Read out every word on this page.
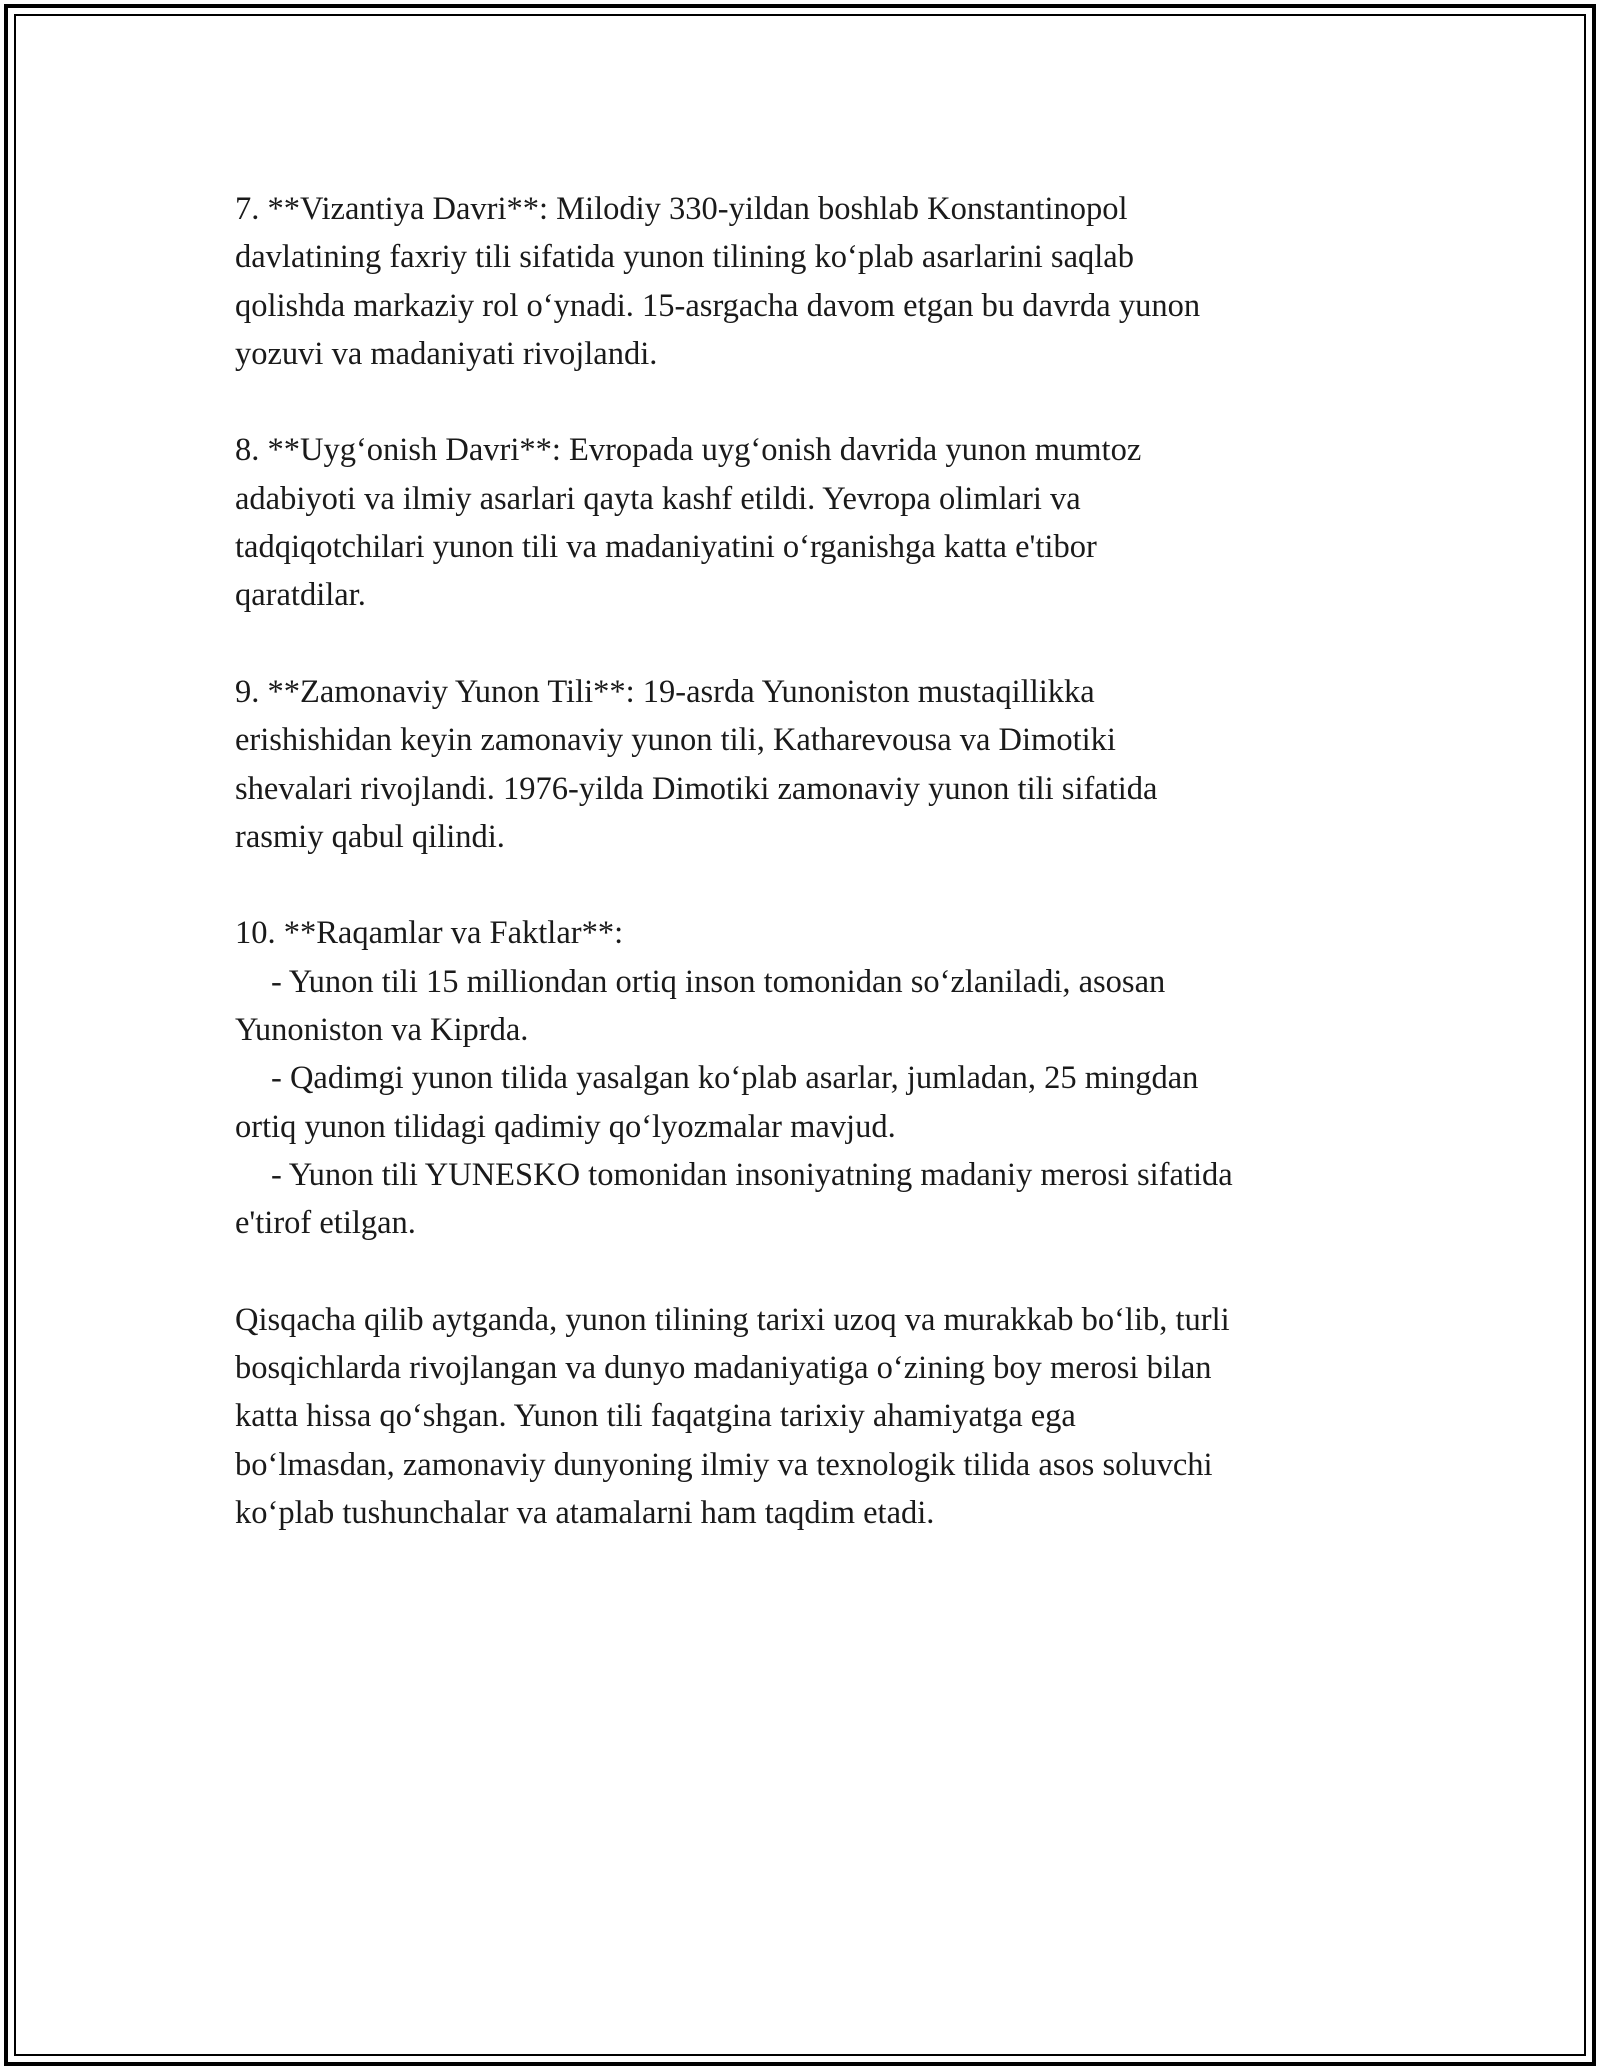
7. **Vizantiya Davri**: Milodiy 330-yildan boshlab Konstantinopol
davlatining faxriy tili sifatida yunon tilining ko‘plab asarlarini saqlab
qolishda markaziy rol o‘ynadi. 15-asrgacha davom etgan bu davrda yunon
yozuvi va madaniyati rivojlandi.
8. **Uyg‘onish Davri**: Evropada uyg‘onish davrida yunon mumtoz
adabiyoti va ilmiy asarlari qayta kashf etildi. Yevropa olimlari va
tadqiqotchilari yunon tili va madaniyatini o‘rganishga katta e'tibor
qaratdilar.
9. **Zamonaviy Yunon Tili**: 19-asrda Yunoniston mustaqillikka
erishishidan keyin zamonaviy yunon tili, Katharevousa va Dimotiki
shevalari rivojlandi. 1976-yilda Dimotiki zamonaviy yunon tili sifatida
rasmiy qabul qilindi.
10. **Raqamlar va Faktlar**:
- Yunon tili 15 milliondan ortiq inson tomonidan so‘zlaniladi, asosan
Yunoniston va Kiprda.
- Qadimgi yunon tilida yasalgan ko‘plab asarlar, jumladan, 25 mingdan
ortiq yunon tilidagi qadimiy qo‘lyozmalar mavjud.
- Yunon tili YUNESKO tomonidan insoniyatning madaniy merosi sifatida
e'tirof etilgan.
Qisqacha qilib aytganda, yunon tilining tarixi uzoq va murakkab bo‘lib, turli
bosqichlarda rivojlangan va dunyo madaniyatiga o‘zining boy merosi bilan
katta hissa qo‘shgan. Yunon tili faqatgina tarixiy ahamiyatga ega
bo‘lmasdan, zamonaviy dunyoning ilmiy va texnologik tilida asos soluvchi
ko‘plab tushunchalar va atamalarni ham taqdim etadi.
